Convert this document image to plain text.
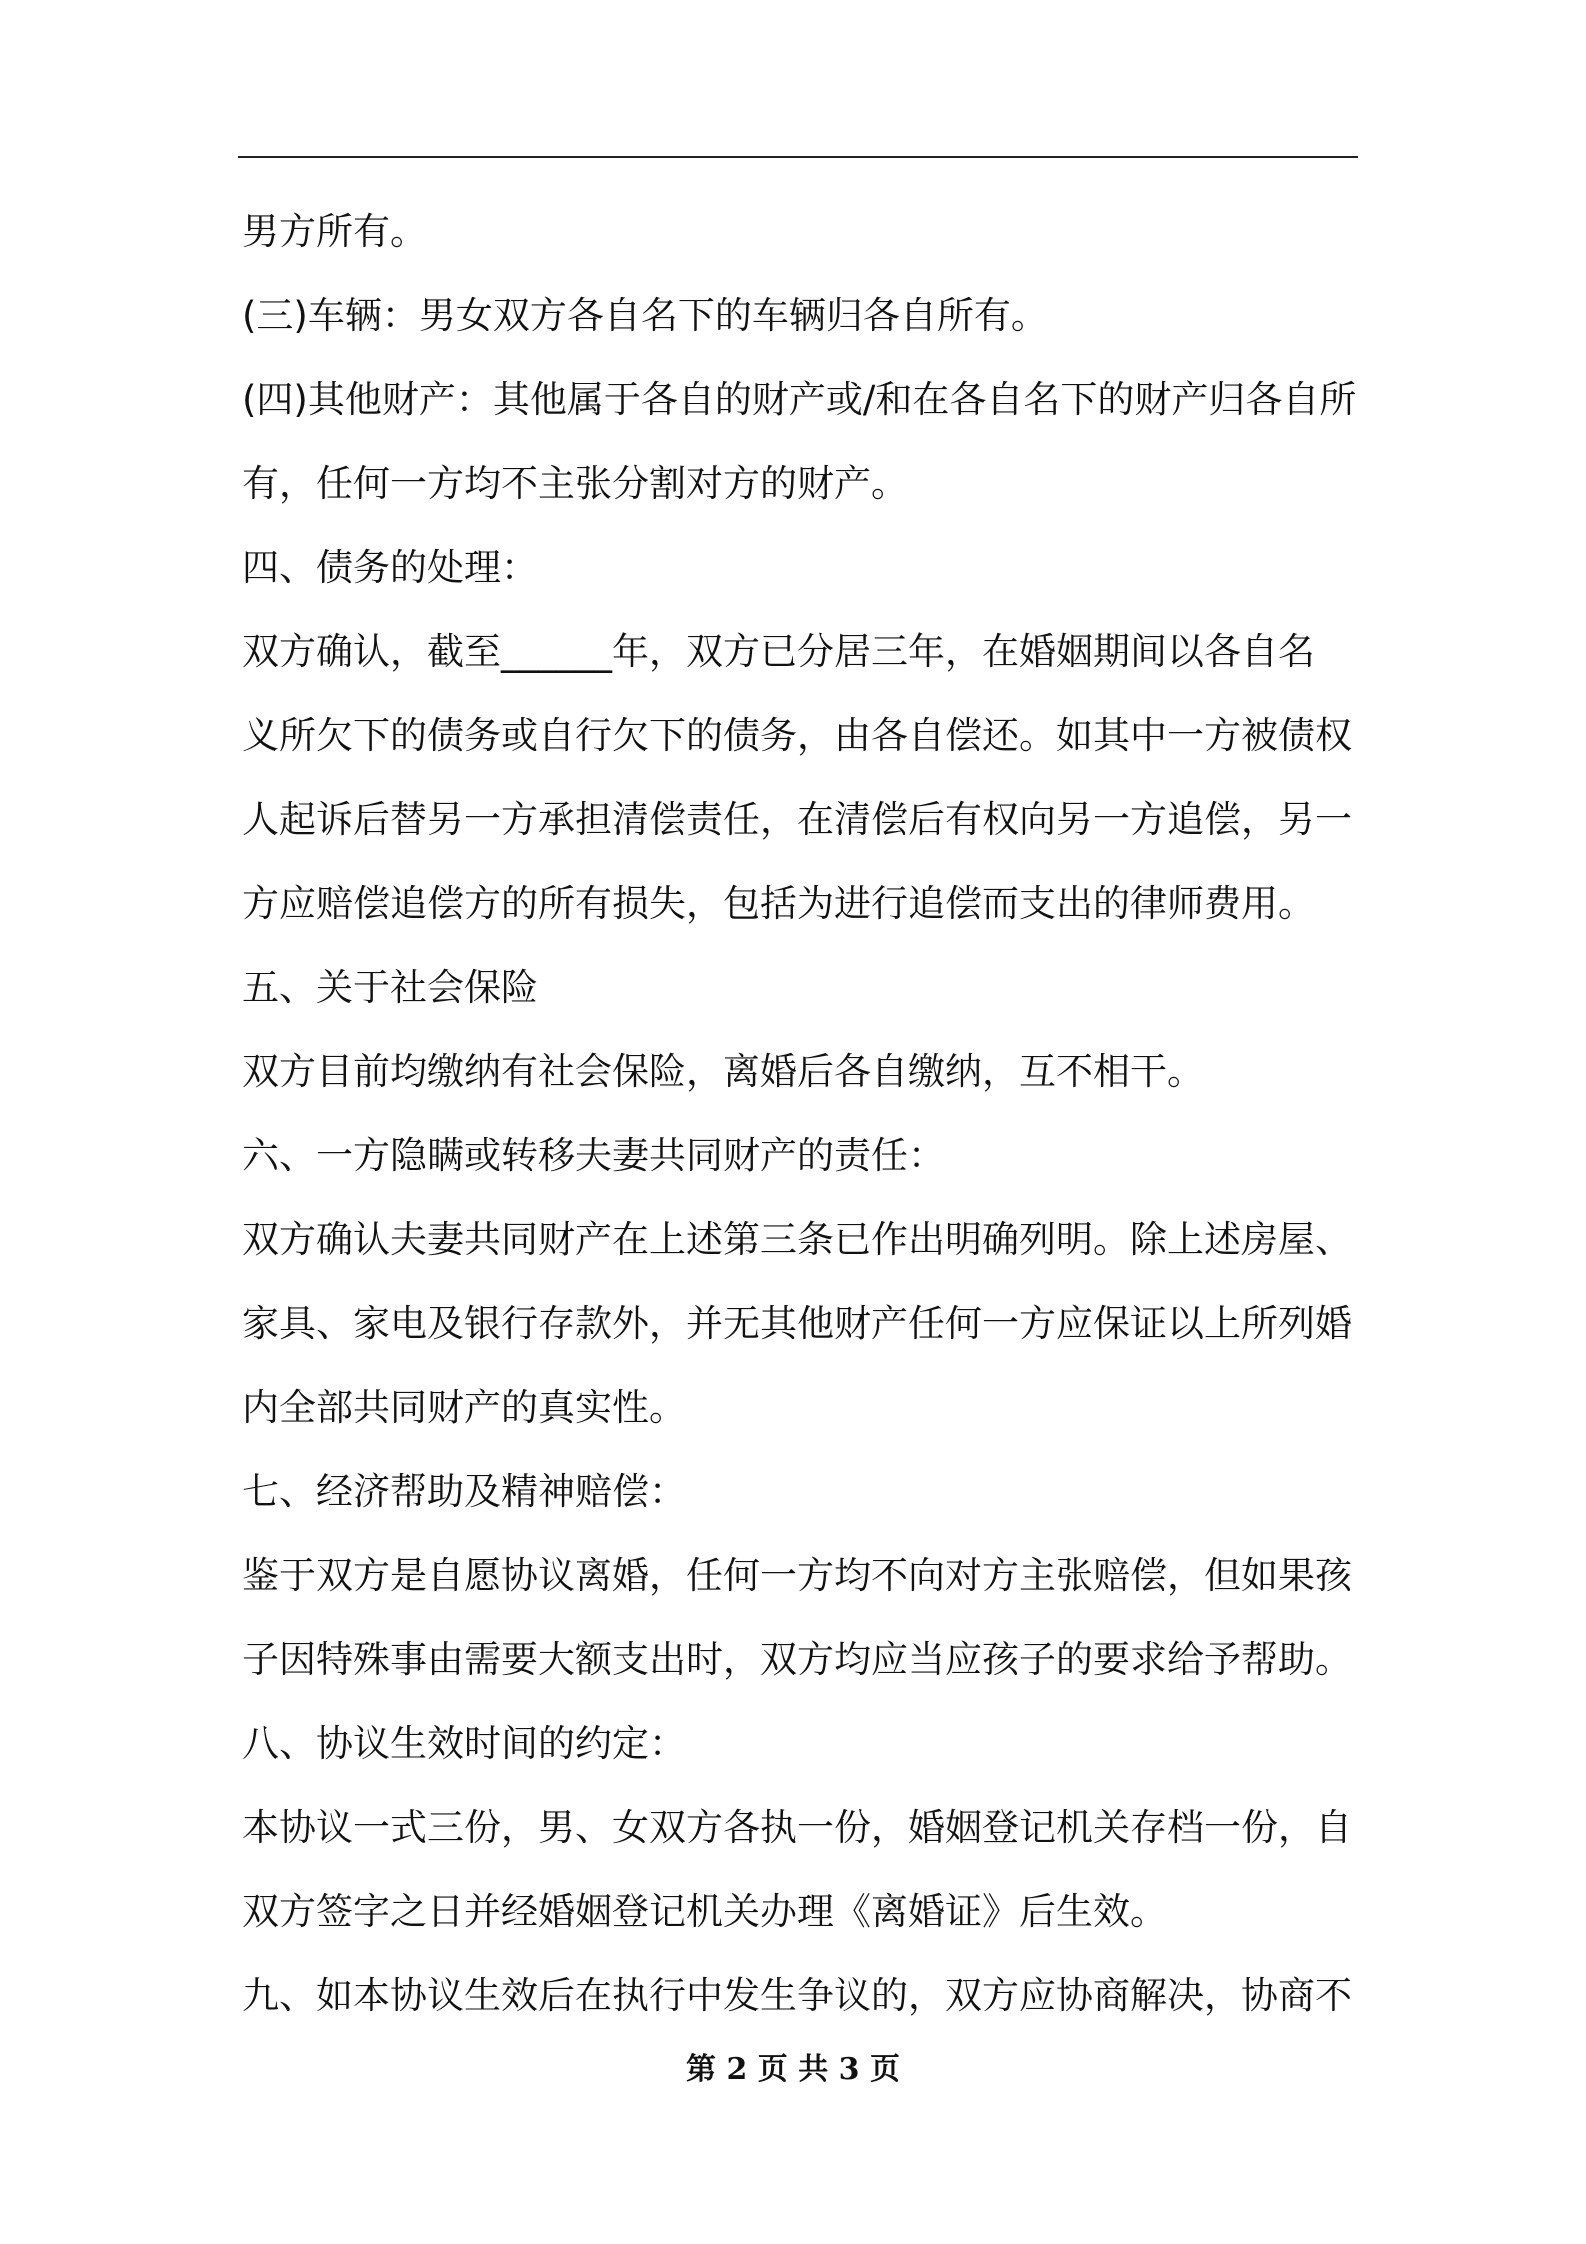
男方所有。
(三)车辆：男女双方各自名下的车辆归各自所有。
(四)其他财产：其他属于各自的财产或/和在各自名下的财产归各自所
有，任何一方均不主张分割对方的财产。
四、债务的处理：
双方确认，截至______年，双方已分居三年，在婚姻期间以各自名
义所欠下的债务或自行欠下的债务，由各自偿还。如其中一方被债权
人起诉后替另一方承担清偿责任，在清偿后有权向另一方追偿，另一
方应赔偿追偿方的所有损失，包括为进行追偿而支出的律师费用。
五、关于社会保险
双方目前均缴纳有社会保险，离婚后各自缴纳，互不相干。
六、一方隐瞒或转移夫妻共同财产的责任：
双方确认夫妻共同财产在上述第三条已作出明确列明。除上述房屋、
家具、家电及银行存款外，并无其他财产任何一方应保证以上所列婚
内全部共同财产的真实性。
七、经济帮助及精神赔偿：
鉴于双方是自愿协议离婚，任何一方均不向对方主张赔偿，但如果孩
子因特殊事由需要大额支出时，双方均应当应孩子的要求给予帮助。
八、协议生效时间的约定：
本协议一式三份，男、女双方各执一份，婚姻登记机关存档一份，自
双方签字之日并经婚姻登记机关办理《离婚证》后生效。
九、如本协议生效后在执行中发生争议的，双方应协商解决，协商不
第 2 页 共 3 页
